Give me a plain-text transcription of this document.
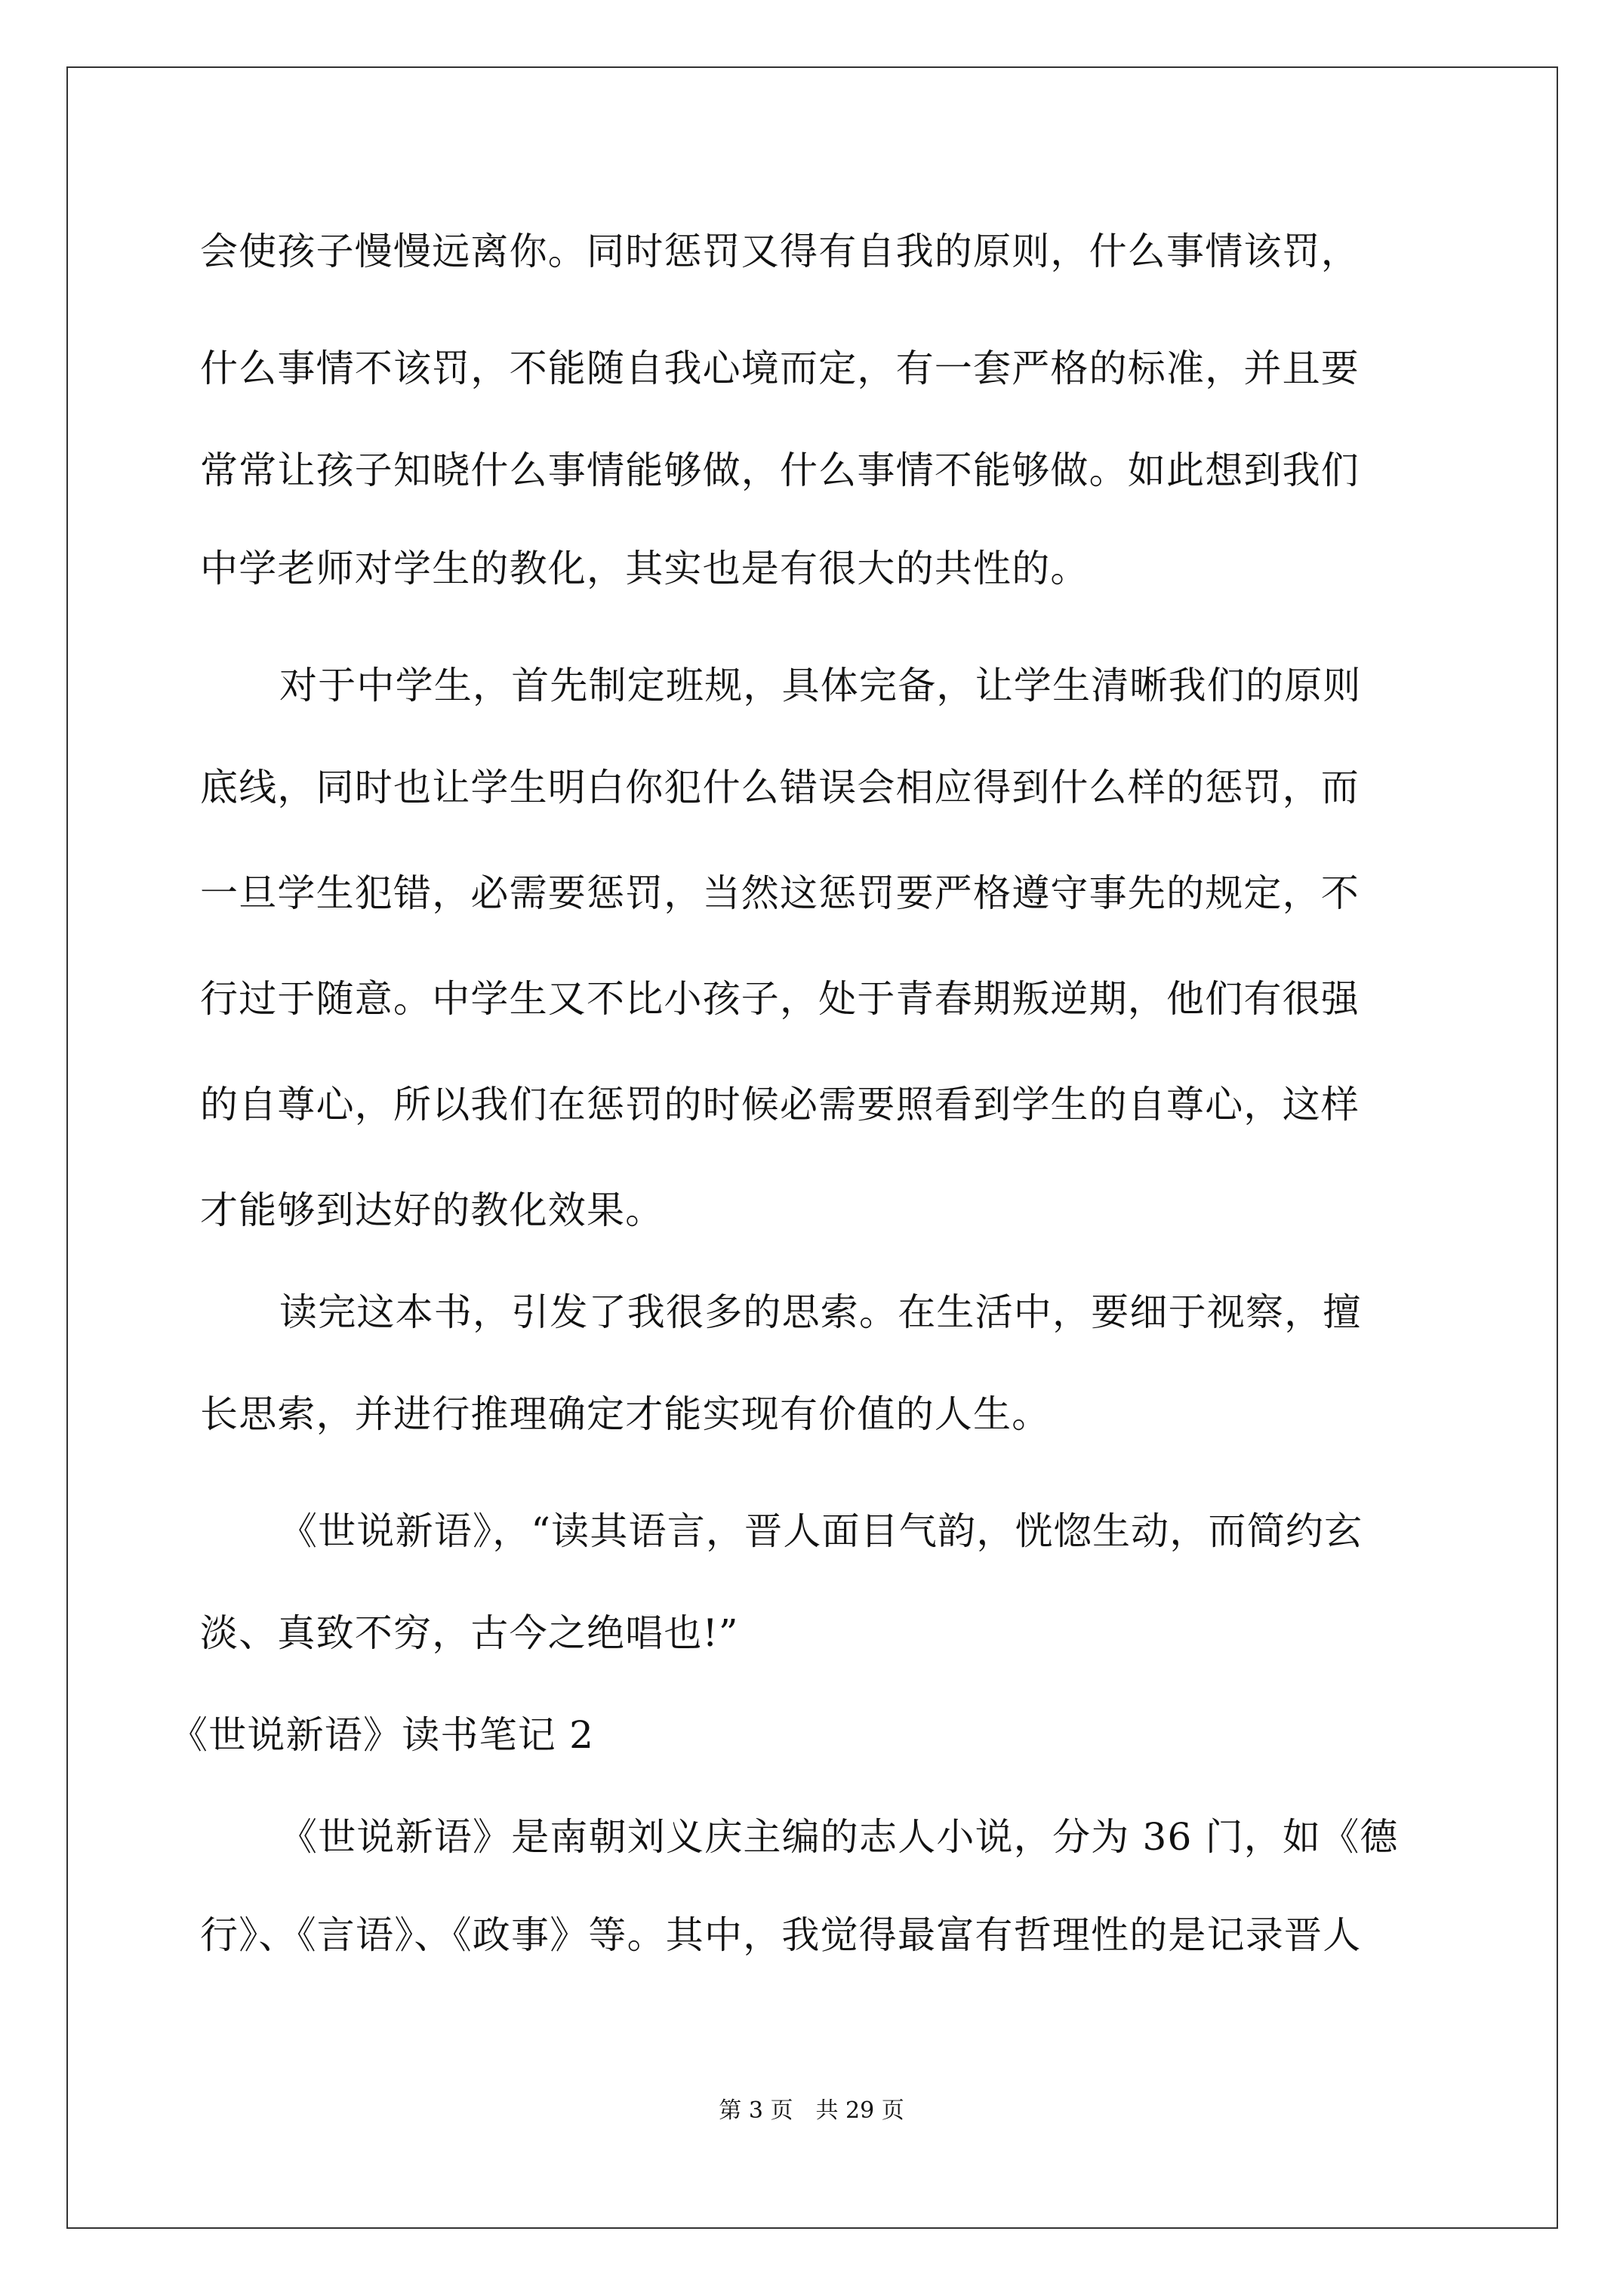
会使孩子慢慢远离你。同时惩罚又得有自我的原则，什么事情该罚，
什么事情不该罚，不能随自我心境而定，有一套严格的标准，并且要
常常让孩子知晓什么事情能够做，什么事情不能够做。如此想到我们
中学老师对学生的教化，其实也是有很大的共性的。
对于中学生，首先制定班规，具体完备，让学生清晰我们的原则
底线，同时也让学生明白你犯什么错误会相应得到什么样的惩罚，而
一旦学生犯错，必需要惩罚，当然这惩罚要严格遵守事先的规定，不
行过于随意。中学生又不比小孩子，处于青春期叛逆期，他们有很强
的自尊心，所以我们在惩罚的时候必需要照看到学生的自尊心，这样
才能够到达好的教化效果。
读完这本书，引发了我很多的思索。在生活中，要细于视察，擅
长思索，并进行推理确定才能实现有价值的人生。
《世说新语》，“读其语言，晋人面目气韵，恍惚生动，而简约玄
淡、真致不穷，古今之绝唱也!”
《世说新语》读书笔记 2
《世说新语》是南朝刘义庆主编的志人小说，分为 36 门，如《德
行》、《言语》、《政事》等。其中，我觉得最富有哲理性的是记录晋人
第 3 页　共 29 页
